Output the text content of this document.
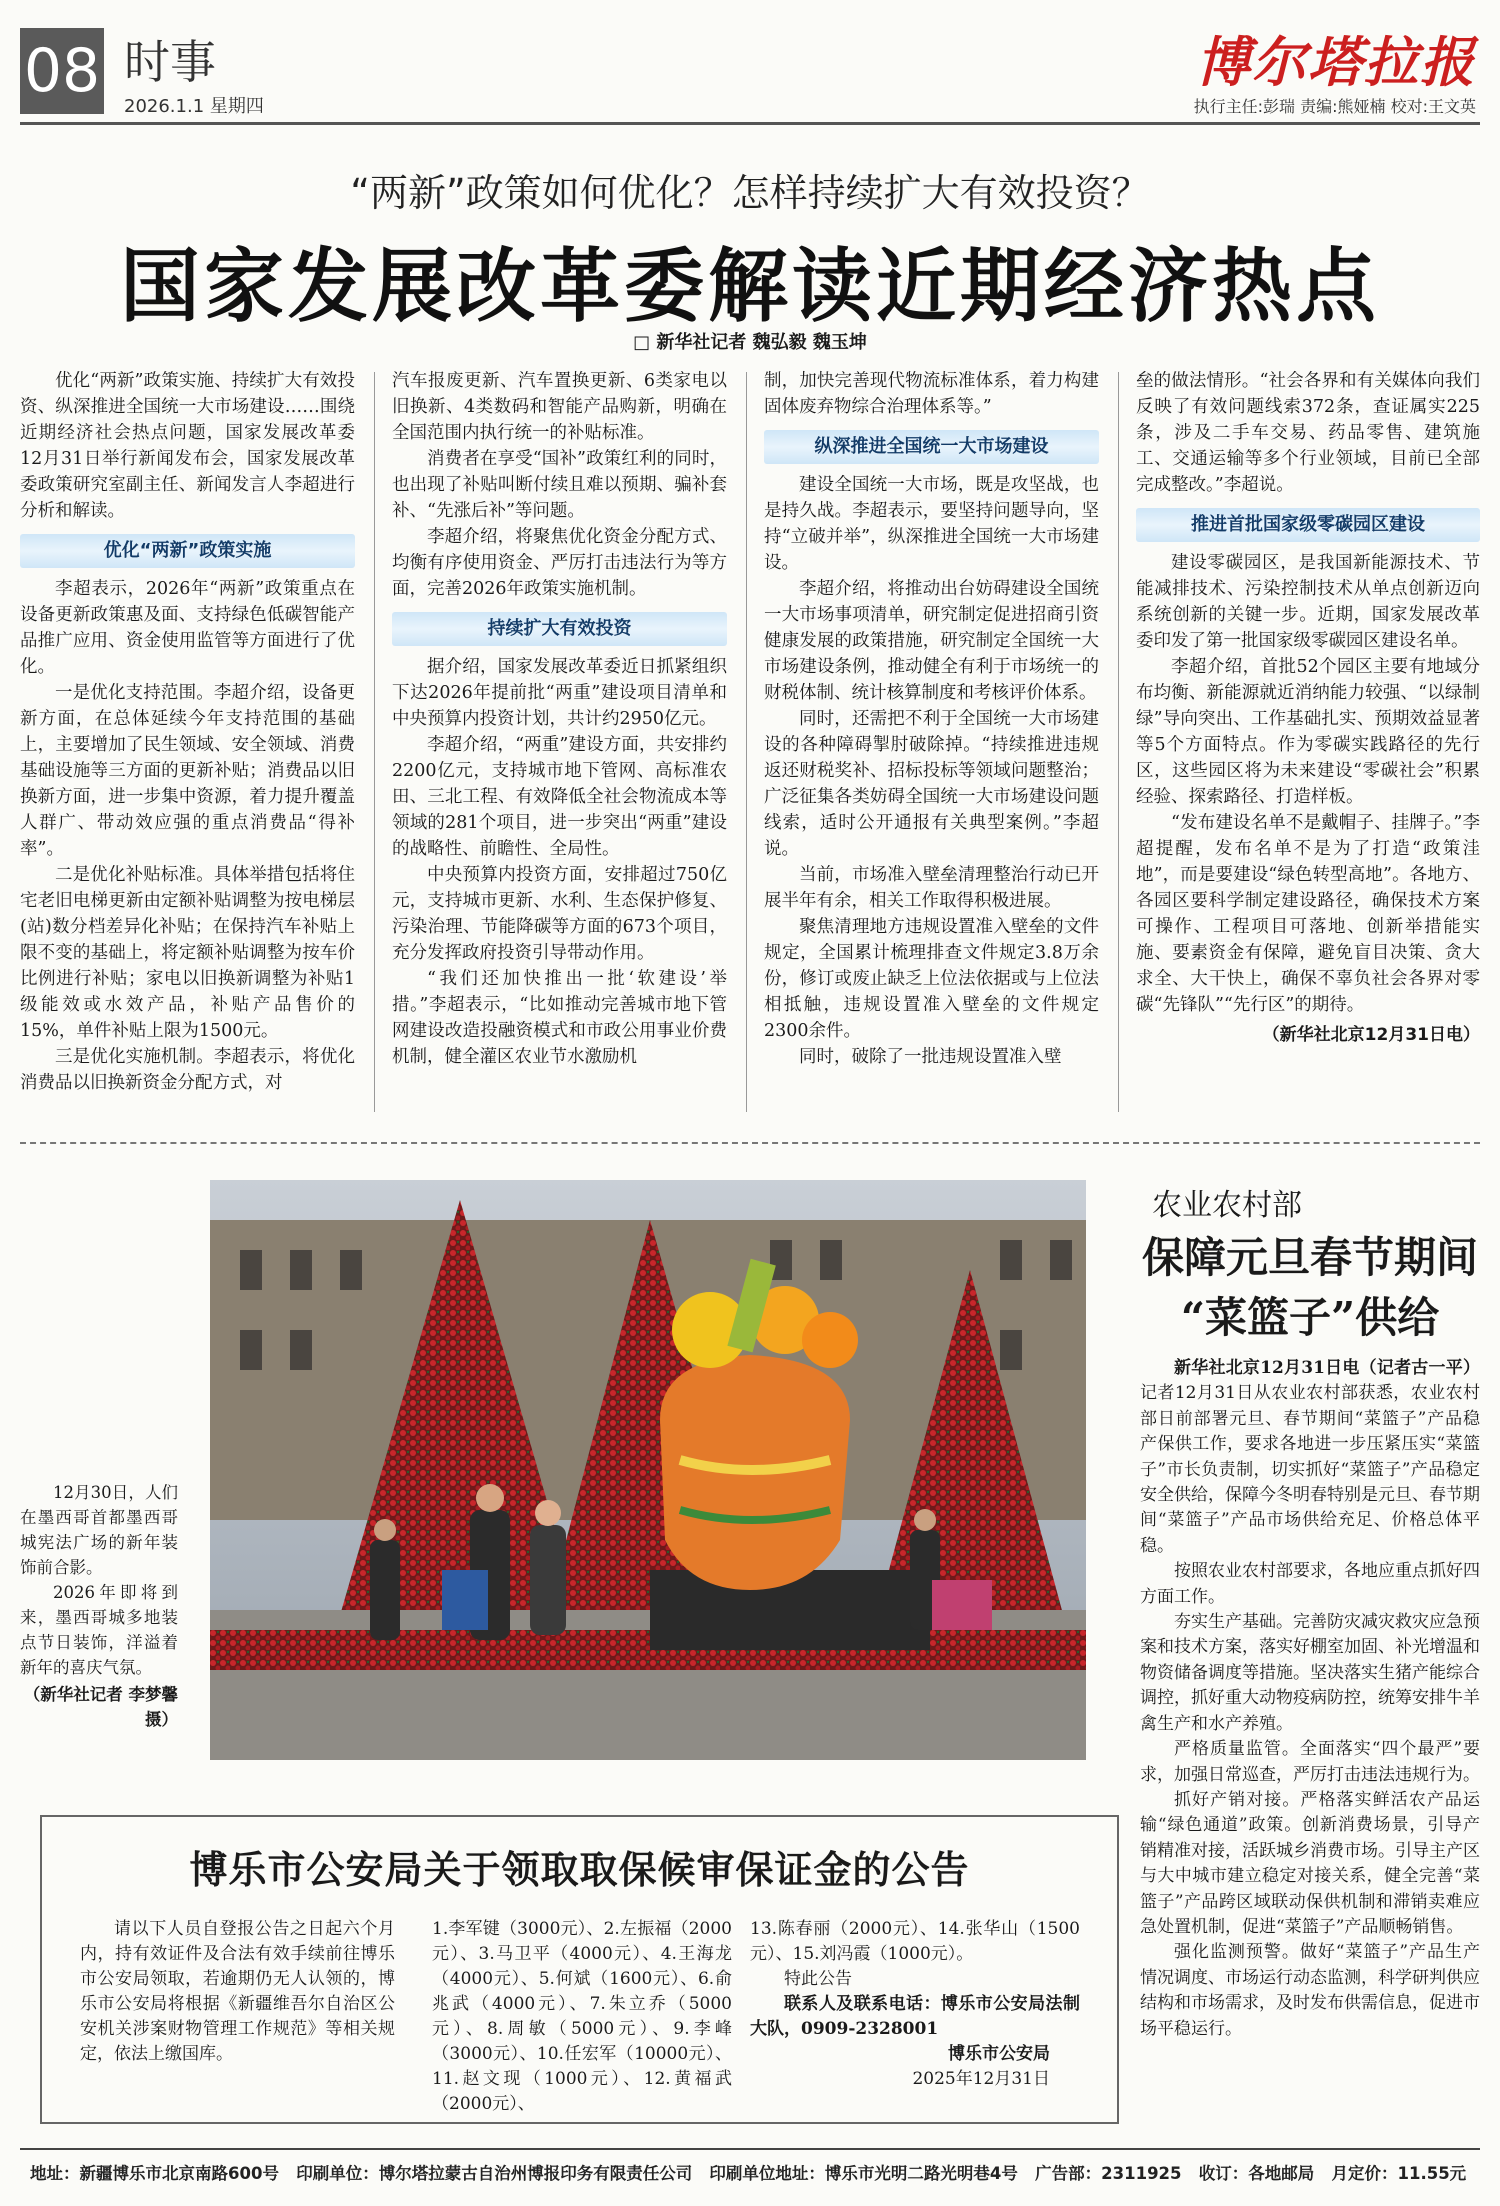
08 时事
2026.1.1 星期四
博尔塔拉报
执行主任:彭瑞 责编:熊娅楠 校对:王文英
“两新”政策如何优化？怎样持续扩大有效投资？
国家发展改革委解读近期经济热点
□ 新华社记者 魏弘毅 魏玉坤

优化“两新”政策实施、持续扩大有效投资、纵深推进全国统一大市场建设……围绕近期经济社会热点问题，国家发展改革委12月31日举行新闻发布会，国家发展改革委政策研究室副主任、新闻发言人李超进行分析和解读。

优化“两新”政策实施

李超表示，2026年“两新”政策重点在设备更新政策惠及面、支持绿色低碳智能产品推广应用、资金使用监管等方面进行了优化。

一是优化支持范围。李超介绍，设备更新方面，在总体延续今年支持范围的基础上，主要增加了民生领域、安全领域、消费基础设施等三方面的更新补贴；消费品以旧换新方面，进一步集中资源，着力提升覆盖人群广、带动效应强的重点消费品“得补率”。

二是优化补贴标准。具体举措包括将住宅老旧电梯更新由定额补贴调整为按电梯层(站)数分档差异化补贴；在保持汽车补贴上限不变的基础上，将定额补贴调整为按车价比例进行补贴；家电以旧换新调整为补贴1级能效或水效产品，补贴产品售价的15%，单件补贴上限为1500元。

三是优化实施机制。李超表示，将优化消费品以旧换新资金分配方式，对

汽车报废更新、汽车置换更新、6类家电以旧换新、4类数码和智能产品购新，明确在全国范围内执行统一的补贴标准。

消费者在享受“国补”政策红利的同时，也出现了补贴叫断付续且难以预期、骗补套补、“先涨后补”等问题。

李超介绍，将聚焦优化资金分配方式、均衡有序使用资金、严厉打击违法行为等方面，完善2026年政策实施机制。

持续扩大有效投资

据介绍，国家发展改革委近日抓紧组织下达2026年提前批“两重”建设项目清单和中央预算内投资计划，共计约2950亿元。

李超介绍，“两重”建设方面，共安排约2200亿元，支持城市地下管网、高标准农田、三北工程、有效降低全社会物流成本等领域的281个项目，进一步突出“两重”建设的战略性、前瞻性、全局性。

中央预算内投资方面，安排超过750亿元，支持城市更新、水利、生态保护修复、污染治理、节能降碳等方面的673个项目，充分发挥政府投资引导带动作用。

“我们还加快推出一批‘软建设’举措。”李超表示，“比如推动完善城市地下管网建设改造投融资模式和市政公用事业价费机制，健全灌区农业节水激励机

制，加快完善现代物流标准体系，着力构建固体废弃物综合治理体系等。”

纵深推进全国统一大市场建设

建设全国统一大市场，既是攻坚战，也是持久战。李超表示，要坚持问题导向，坚持“立破并举”，纵深推进全国统一大市场建设。

李超介绍，将推动出台妨碍建设全国统一大市场事项清单，研究制定促进招商引资健康发展的政策措施，研究制定全国统一大市场建设条例，推动健全有利于市场统一的财税体制、统计核算制度和考核评价体系。

同时，还需把不利于全国统一大市场建设的各种障碍掣肘破除掉。“持续推进违规返还财税奖补、招标投标等领域问题整治；广泛征集各类妨碍全国统一大市场建设问题线索，适时公开通报有关典型案例。”李超说。

当前，市场准入壁垒清理整治行动已开展半年有余，相关工作取得积极进展。

聚焦清理地方违规设置准入壁垒的文件规定，全国累计梳理排查文件规定3.8万余份，修订或废止缺乏上位法依据或与上位法相抵触，违规设置准入壁垒的文件规定2300余件。

同时，破除了一批违规设置准入壁

垒的做法情形。“社会各界和有关媒体向我们反映了有效问题线索372条，查证属实225条，涉及二手车交易、药品零售、建筑施工、交通运输等多个行业领域，目前已全部完成整改。”李超说。

推进首批国家级零碳园区建设

建设零碳园区，是我国新能源技术、节能减排技术、污染控制技术从单点创新迈向系统创新的关键一步。近期，国家发展改革委印发了第一批国家级零碳园区建设名单。

李超介绍，首批52个园区主要有地域分布均衡、新能源就近消纳能力较强、“以绿制绿”导向突出、工作基础扎实、预期效益显著等5个方面特点。作为零碳实践路径的先行区，这些园区将为未来建设“零碳社会”积累经验、探索路径、打造样板。

“发布建设名单不是戴帽子、挂牌子。”李超提醒，发布名单不是为了打造“政策洼地”，而是要建设“绿色转型高地”。各地方、各园区要科学制定建设路径，确保技术方案可操作、工程项目可落地、创新举措能实施、要素资金有保障，避免盲目决策、贪大求全、大干快上，确保不辜负社会各界对零碳“先锋队”“先行区”的期待。

（新华社北京12月31日电）

12月30日，人们在墨西哥首都墨西哥城宪法广场的新年装饰前合影。

2026年即将到来，墨西哥城多地装点节日装饰，洋溢着新年的喜庆气氛。

（新华社记者 李梦馨 摄）
农业农村部
保障元旦春节期间
“菜篮子”供给

新华社北京12月31日电（记者古一平）记者12月31日从农业农村部获悉，农业农村部日前部署元旦、春节期间“菜篮子”产品稳产保供工作，要求各地进一步压紧压实“菜篮子”市长负责制，切实抓好“菜篮子”产品稳定安全供给，保障今冬明春特别是元旦、春节期间“菜篮子”产品市场供给充足、价格总体平稳。

按照农业农村部要求，各地应重点抓好四方面工作。

夯实生产基础。完善防灾减灾救灾应急预案和技术方案，落实好棚室加固、补光增温和物资储备调度等措施。坚决落实生猪产能综合调控，抓好重大动物疫病防控，统筹安排牛羊禽生产和水产养殖。

严格质量监管。全面落实“四个最严”要求，加强日常巡查，严厉打击违法违规行为。

抓好产销对接。严格落实鲜活农产品运输“绿色通道”政策。创新消费场景，引导产销精准对接，活跃城乡消费市场。引导主产区与大中城市建立稳定对接关系，健全完善“菜篮子”产品跨区域联动保供机制和滞销卖难应急处置机制，促进“菜篮子”产品顺畅销售。

强化监测预警。做好“菜篮子”产品生产情况调度、市场运行动态监测，科学研判供应结构和市场需求，及时发布供需信息，促进市场平稳运行。

博乐市公安局关于领取取保候审保证金的公告

请以下人员自登报公告之日起六个月内，持有效证件及合法有效手续前往博乐市公安局领取，若逾期仍无人认领的，博乐市公安局将根据《新疆维吾尔自治区公安机关涉案财物管理工作规范》等相关规定，依法上缴国库。

1.李军键（3000元）、2.左振福（2000元）、3.马卫平（4000元）、4.王海龙（4000元）、5.何斌（1600元）、6.俞兆武（4000元）、7.朱立乔（5000元）、8.周敏（5000元）、9.李峰（3000元）、10.任宏军（10000元）、11.赵文现（1000元）、12.黄福武（2000元）、

13.陈春丽（2000元）、14.张华山（1500元）、15.刘冯霞（1000元）。

特此公告

联系人及联系电话：博乐市公安局法制大队，0909-2328001

博乐市公安局

2025年12月31日

地址：新疆博乐市北京南路600号 印刷单位：博尔塔拉蒙古自治州博报印务有限责任公司 印刷单位地址：博乐市光明二路光明巷4号 广告部：2311925 收订：各地邮局 月定价：11.55元
